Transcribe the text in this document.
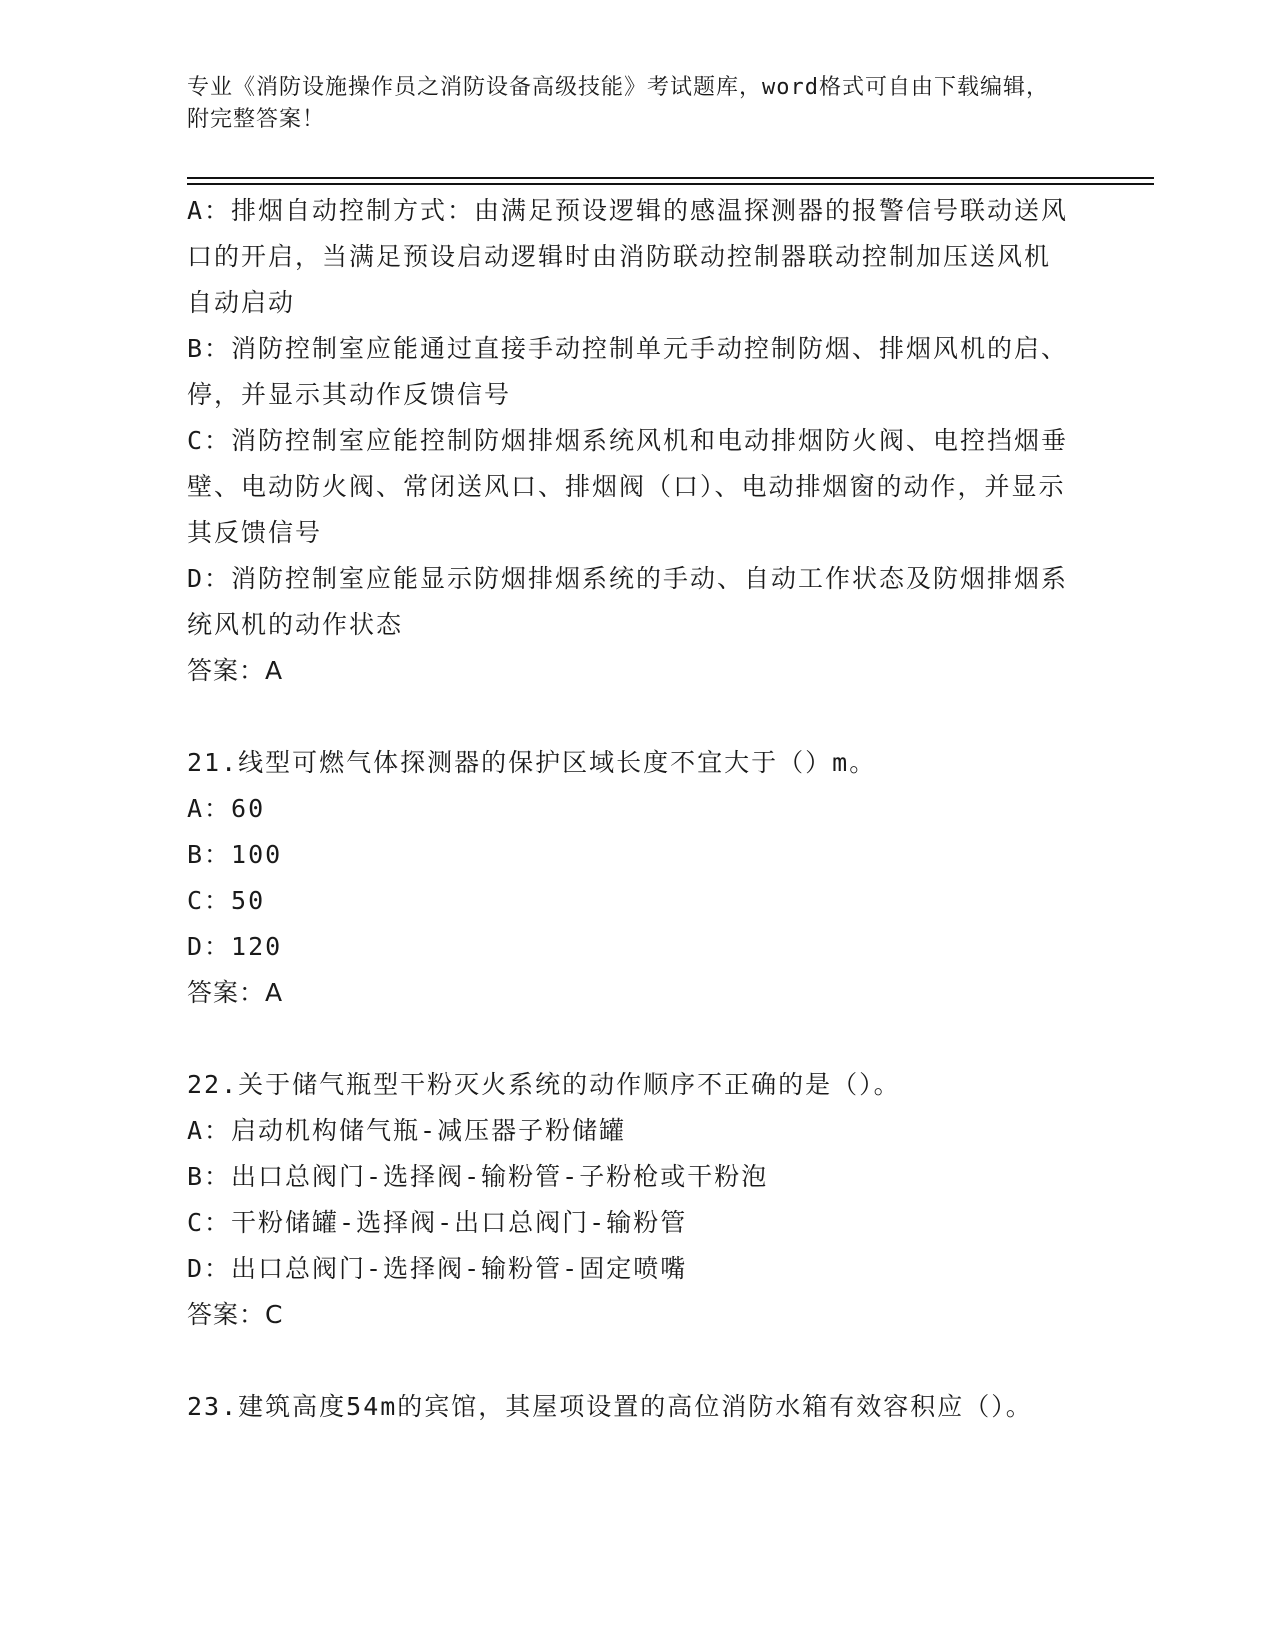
专业《消防设施操作员之消防设备高级技能》考试题库，word格式可自由下载编辑，附完整答案！

A：排烟自动控制方式：由满足预设逻辑的感温探测器的报警信号联动送风口的开启，当满足预设启动逻辑时由消防联动控制器联动控制加压送风机自动启动

B：消防控制室应能通过直接手动控制单元手动控制防烟、排烟风机的启、停，并显示其动作反馈信号

C：消防控制室应能控制防烟排烟系统风机和电动排烟防火阀、电控挡烟垂壁、电动防火阀、常闭送风口、排烟阀（口）、电动排烟窗的动作，并显示其反馈信号

D：消防控制室应能显示防烟排烟系统的手动、自动工作状态及防烟排烟系统风机的动作状态

答案：A

21.线型可燃气体探测器的保护区域长度不宜大于（）m。

A：60

B：100

C：50

D：120

答案：A

22.关于储气瓶型干粉灭火系统的动作顺序不正确的是（）。

A：启动机构储气瓶-减压器子粉储罐

B：出口总阀门-选择阀-输粉管-子粉枪或干粉泡

C：干粉储罐-选择阀-出口总阀门-输粉管

D：出口总阀门-选择阀-输粉管-固定喷嘴

答案：C

23.建筑高度54m的宾馆，其屋项设置的高位消防水箱有效容积应（）。
